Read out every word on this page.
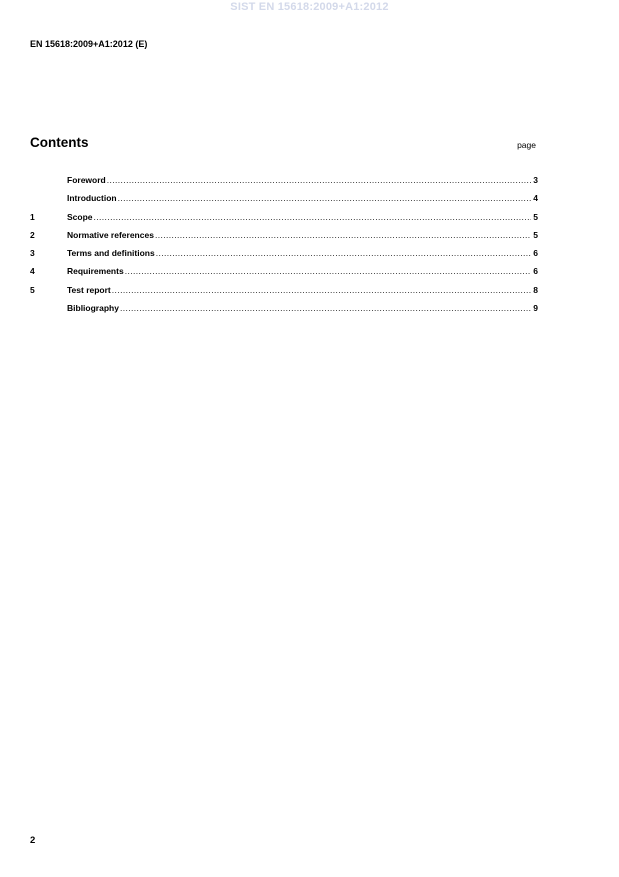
SIST EN 15618:2009+A1:2012
EN 15618:2009+A1:2012 (E)
Contents	page
Foreword .....	3
Introduction .....	4
1	Scope .....	5
2	Normative references .....	5
3	Terms and definitions .....	6
4	Requirements .....	6
5	Test report .....	8
Bibliography .....	9
2
